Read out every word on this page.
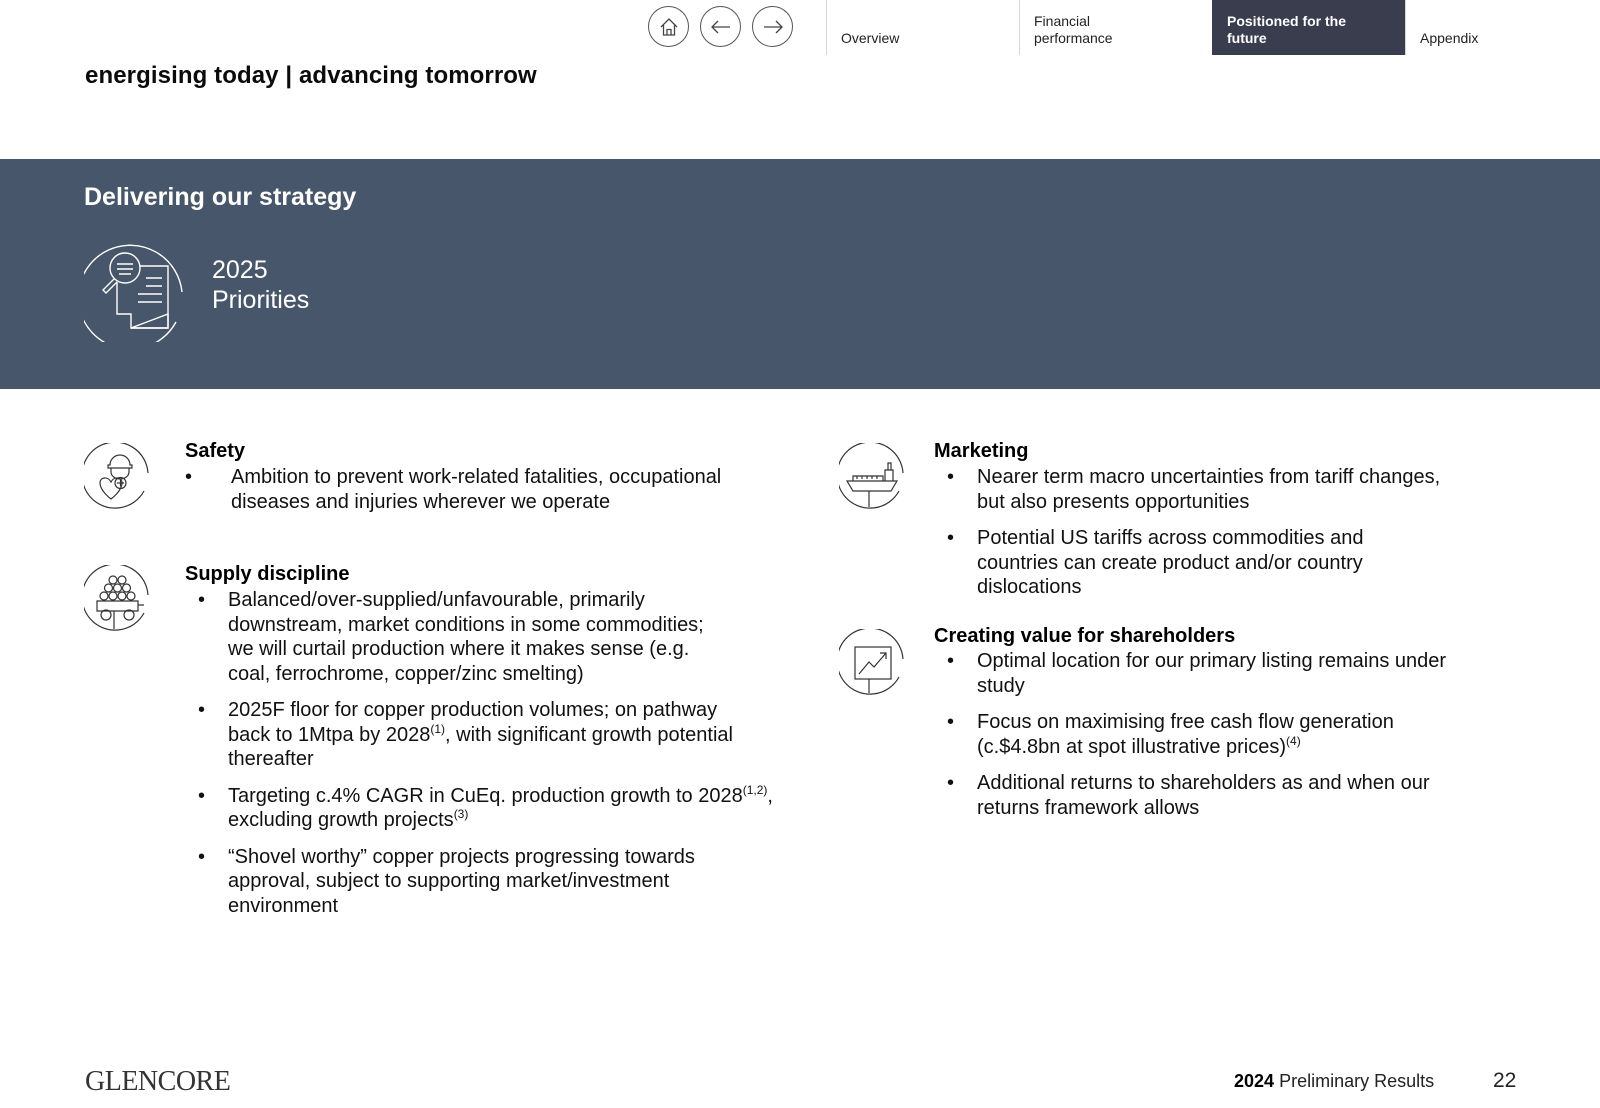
Overview
Financial performance
Positioned for the future	Appendix
energising today | advancing tomorrow
Delivering our strategy
2025
Priorities
Safety
• Ambition to prevent work-related fatalities, occupational diseases and injuries wherever we operate
Supply discipline
• Balanced/over-supplied/unfavourable, primarily downstream, market conditions in some commodities; we will curtail production where it makes sense (e.g. coal, ferrochrome, copper/zinc smelting)
• 2025F floor for copper production volumes; on pathway back to 1Mtpa by 2028$^{(1)}$, with significant growth potential thereafter
• Targeting c.4% CAGR in CuEq. production growth to 2028$^{(1,2)}$, excluding growth projects$^{(3)}$
• “Shovel worthy” copper projects progressing towards approval, subject to supporting market/investment environment
Marketing
• Nearer term macro uncertainties from tariff changes, but also presents opportunities
• Potential US tariffs across commodities and countries can create product and/or country dislocations
Creating value for shareholders
• Optimal location for our primary listing remains under study
• Focus on maximising free cash flow generation (c.$4.8bn at spot illustrative prices)$^{(4)}$
• Additional returns to shareholders as and when our returns framework allows
GLENCORE	2024 Preliminary Results	22
